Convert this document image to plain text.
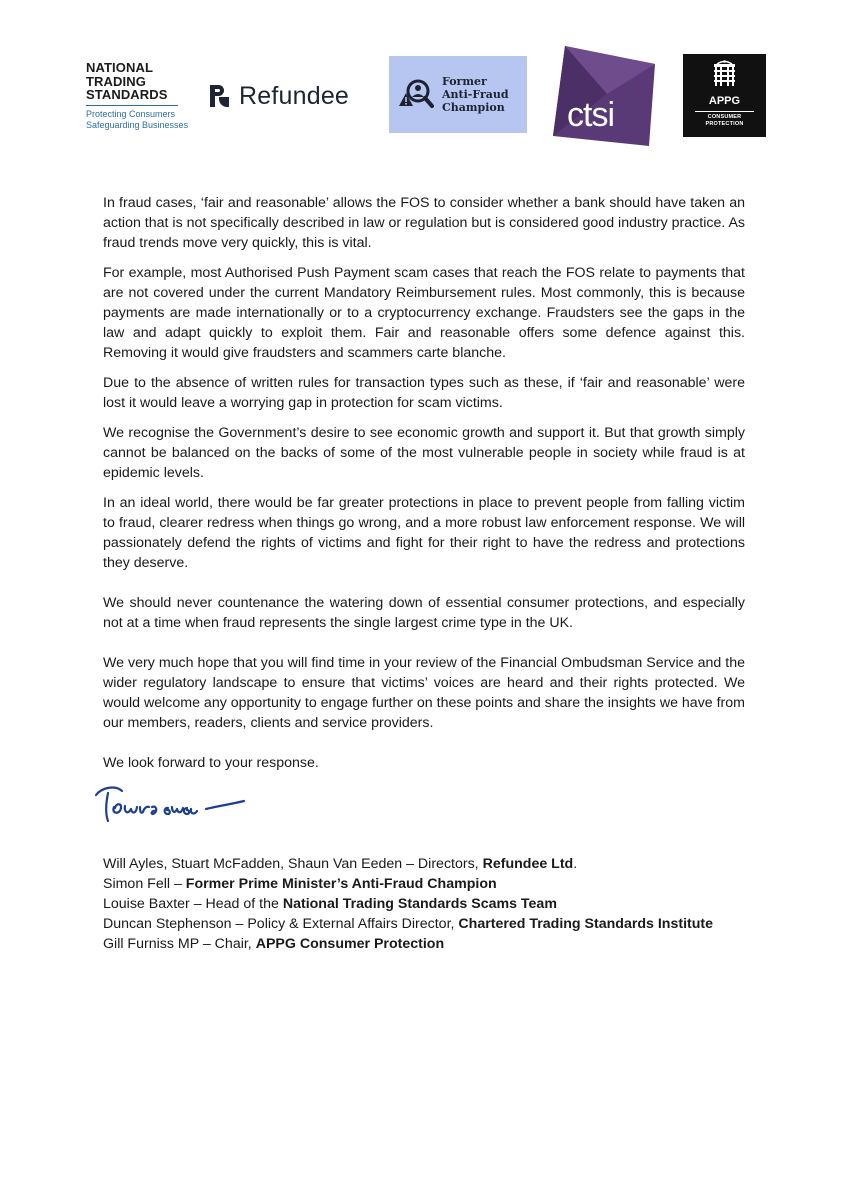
NATIONAL
TRADING
STANDARDS
Protecting Consumers
Safeguarding Businesses
Refundee	Former
Anti-Fraud
Champion ctsi	APPG
CONSUMER
PROTECTION

In fraud cases, ‘fair and reasonable’ allows the FOS to consider whether a bank should have taken an action that is not specifically described in law or regulation but is considered good industry practice. As fraud trends move very quickly, this is vital.

For example, most Authorised Push Payment scam cases that reach the FOS relate to payments that are not covered under the current Mandatory Reimbursement rules. Most commonly, this is because payments are made internationally or to a cryptocurrency exchange. Fraudsters see the gaps in the law and adapt quickly to exploit them. Fair and reasonable offers some defence against this. Removing it would give fraudsters and scammers carte blanche.

Due to the absence of written rules for transaction types such as these, if ‘fair and reasonable’ were lost it would leave a worrying gap in protection for scam victims.

We recognise the Government’s desire to see economic growth and support it. But that growth simply cannot be balanced on the backs of some of the most vulnerable people in society while fraud is at epidemic levels.

In an ideal world, there would be far greater protections in place to prevent people from falling victim to fraud, clearer redress when things go wrong, and a more robust law enforcement response. We will passionately defend the rights of victims and fight for their right to have the redress and protections they deserve.

We should never countenance the watering down of essential consumer protections, and especially not at a time when fraud represents the single largest crime type in the UK.

We very much hope that you will find time in your review of the Financial Ombudsman Service and the wider regulatory landscape to ensure that victims’ voices are heard and their rights protected. We would welcome any opportunity to engage further on these points and share the insights we have from our members, readers, clients and service providers.

We look forward to your response.

Will Ayles, Stuart McFadden, Shaun Van Eeden – Directors, Refundee Ltd.
Simon Fell – Former Prime Minister’s Anti-Fraud Champion
Louise Baxter – Head of the National Trading Standards Scams Team
Duncan Stephenson – Policy & External Affairs Director, Chartered Trading Standards Institute
Gill Furniss MP – Chair, APPG Consumer Protection
